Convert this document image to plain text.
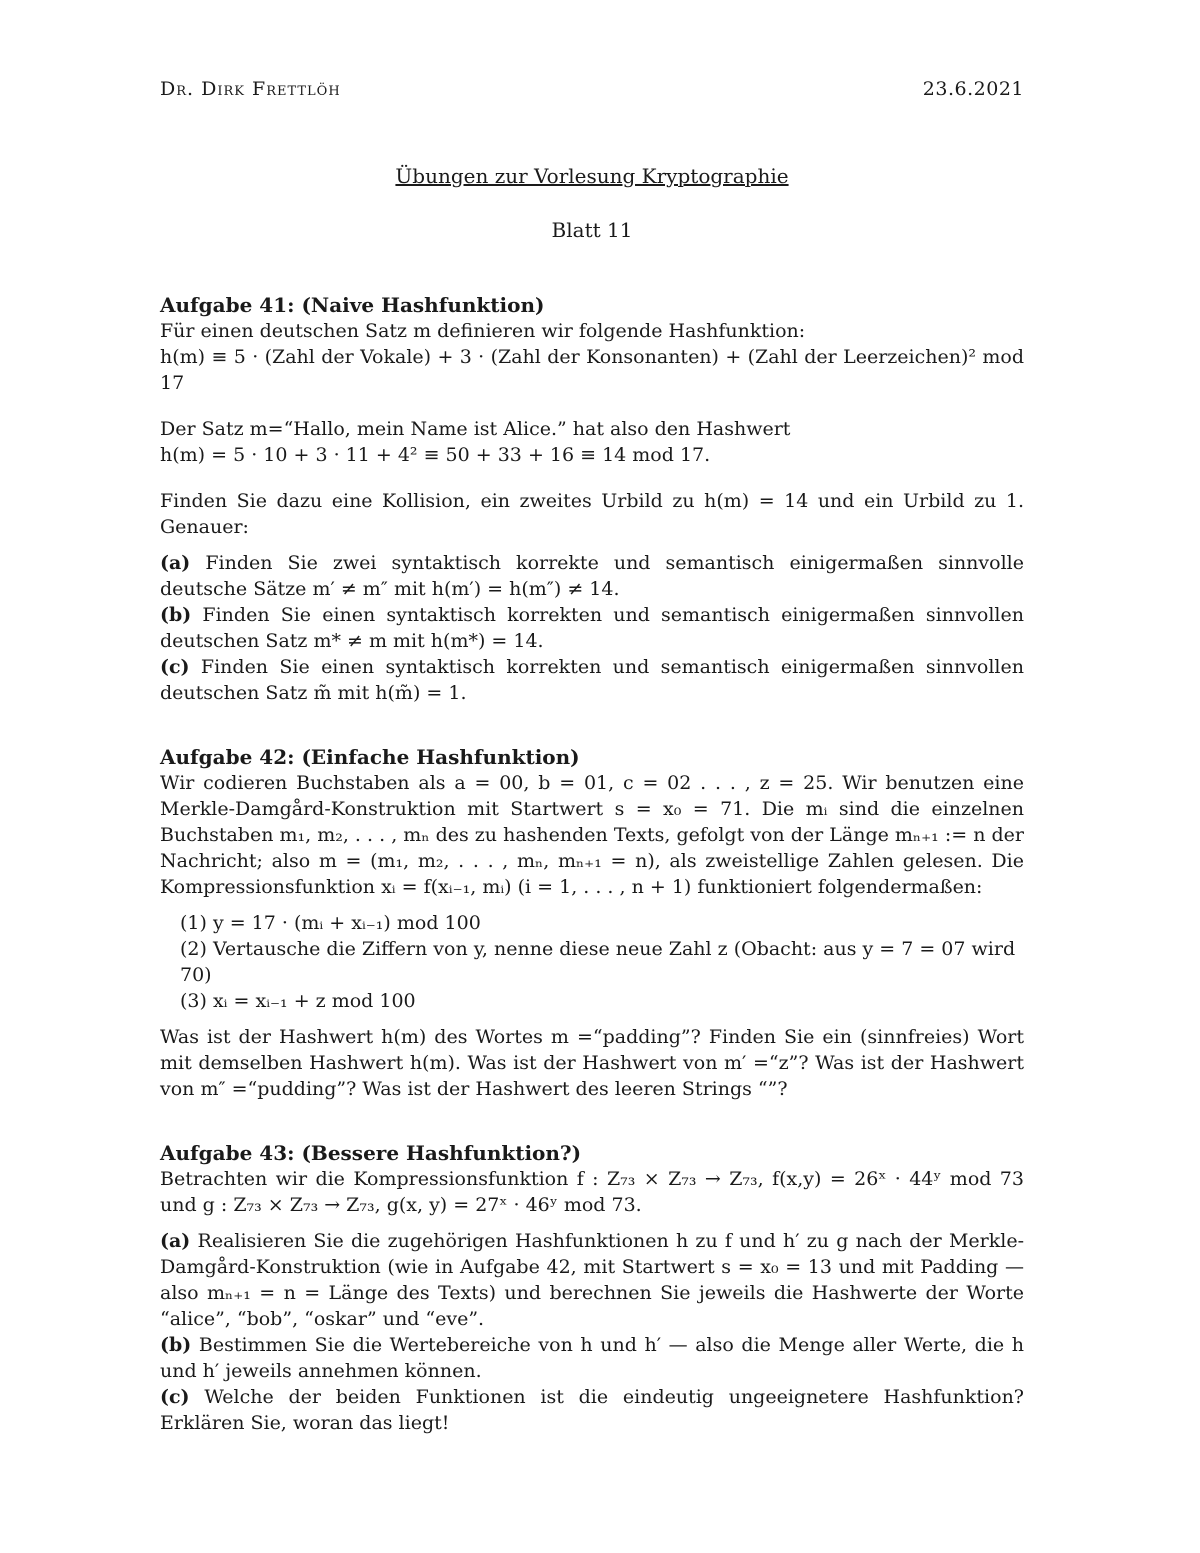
Dr. Dirk Frettlöh	23.6.2021
Übungen zur Vorlesung Kryptographie
Blatt 11
Aufgabe 41: (Naive Hashfunktion)

Für einen deutschen Satz m definieren wir folgende Hashfunktion:

h(m) ≡ 5 · (Zahl der Vokale) + 3 · (Zahl der Konsonanten) + (Zahl der Leerzeichen)² mod 17

Der Satz m=“Hallo, mein Name ist Alice.” hat also den Hashwert

h(m) = 5 · 10 + 3 · 11 + 4² ≡ 50 + 33 + 16 ≡ 14 mod 17.

Finden Sie dazu eine Kollision, ein zweites Urbild zu h(m) = 14 und ein Urbild zu 1. Genauer:

(a) Finden Sie zwei syntaktisch korrekte und semantisch einigermaßen sinnvolle deutsche Sätze m′ ≠ m″ mit h(m′) = h(m″) ≠ 14.

(b) Finden Sie einen syntaktisch korrekten und semantisch einigermaßen sinnvollen deutschen Satz m* ≠ m mit h(m*) = 14.

(c) Finden Sie einen syntaktisch korrekten und semantisch einigermaßen sinnvollen deutschen Satz m̃ mit h(m̃) = 1.

Aufgabe 42: (Einfache Hashfunktion)

Wir codieren Buchstaben als a = 00, b = 01, c = 02 . . . , z = 25. Wir benutzen eine Merkle-Damgård-Konstruktion mit Startwert s = x₀ = 71. Die mᵢ sind die einzelnen Buchstaben m₁, m₂, . . . , mₙ des zu hashenden Texts, gefolgt von der Länge mₙ₊₁ := n der Nachricht; also m = (m₁, m₂, . . . , mₙ, mₙ₊₁ = n), als zweistellige Zahlen gelesen. Die Kompressionsfunktion xᵢ = f(xᵢ₋₁, mᵢ) (i = 1, . . . , n + 1) funktioniert folgendermaßen:

(1) y = 17 · (mᵢ + xᵢ₋₁) mod 100
(2) Vertausche die Ziffern von y, nenne diese neue Zahl z (Obacht: aus y = 7 = 07 wird 70)
(3) xᵢ = xᵢ₋₁ + z mod 100

Was ist der Hashwert h(m) des Wortes m =“padding”? Finden Sie ein (sinnfreies) Wort mit demselben Hashwert h(m). Was ist der Hashwert von m′ =“z”? Was ist der Hashwert von m″ =“pudding”? Was ist der Hashwert des leeren Strings “”?

Aufgabe 43: (Bessere Hashfunktion?)

Betrachten wir die Kompressionsfunktion f : Z₇₃ × Z₇₃ → Z₇₃, f(x,y) = 26ˣ · 44ʸ mod 73 und g : Z₇₃ × Z₇₃ → Z₇₃, g(x, y) = 27ˣ · 46ʸ mod 73.

(a) Realisieren Sie die zugehörigen Hashfunktionen h zu f und h′ zu g nach der Merkle-Damgård-Konstruktion (wie in Aufgabe 42, mit Startwert s = x₀ = 13 und mit Padding — also mₙ₊₁ = n = Länge des Texts) und berechnen Sie jeweils die Hashwerte der Worte “alice”, “bob”, “oskar” und “eve”.

(b) Bestimmen Sie die Wertebereiche von h und h′ — also die Menge aller Werte, die h und h′ jeweils annehmen können.

(c) Welche der beiden Funktionen ist die eindeutig ungeeignetere Hashfunktion? Erklären Sie, woran das liegt!
